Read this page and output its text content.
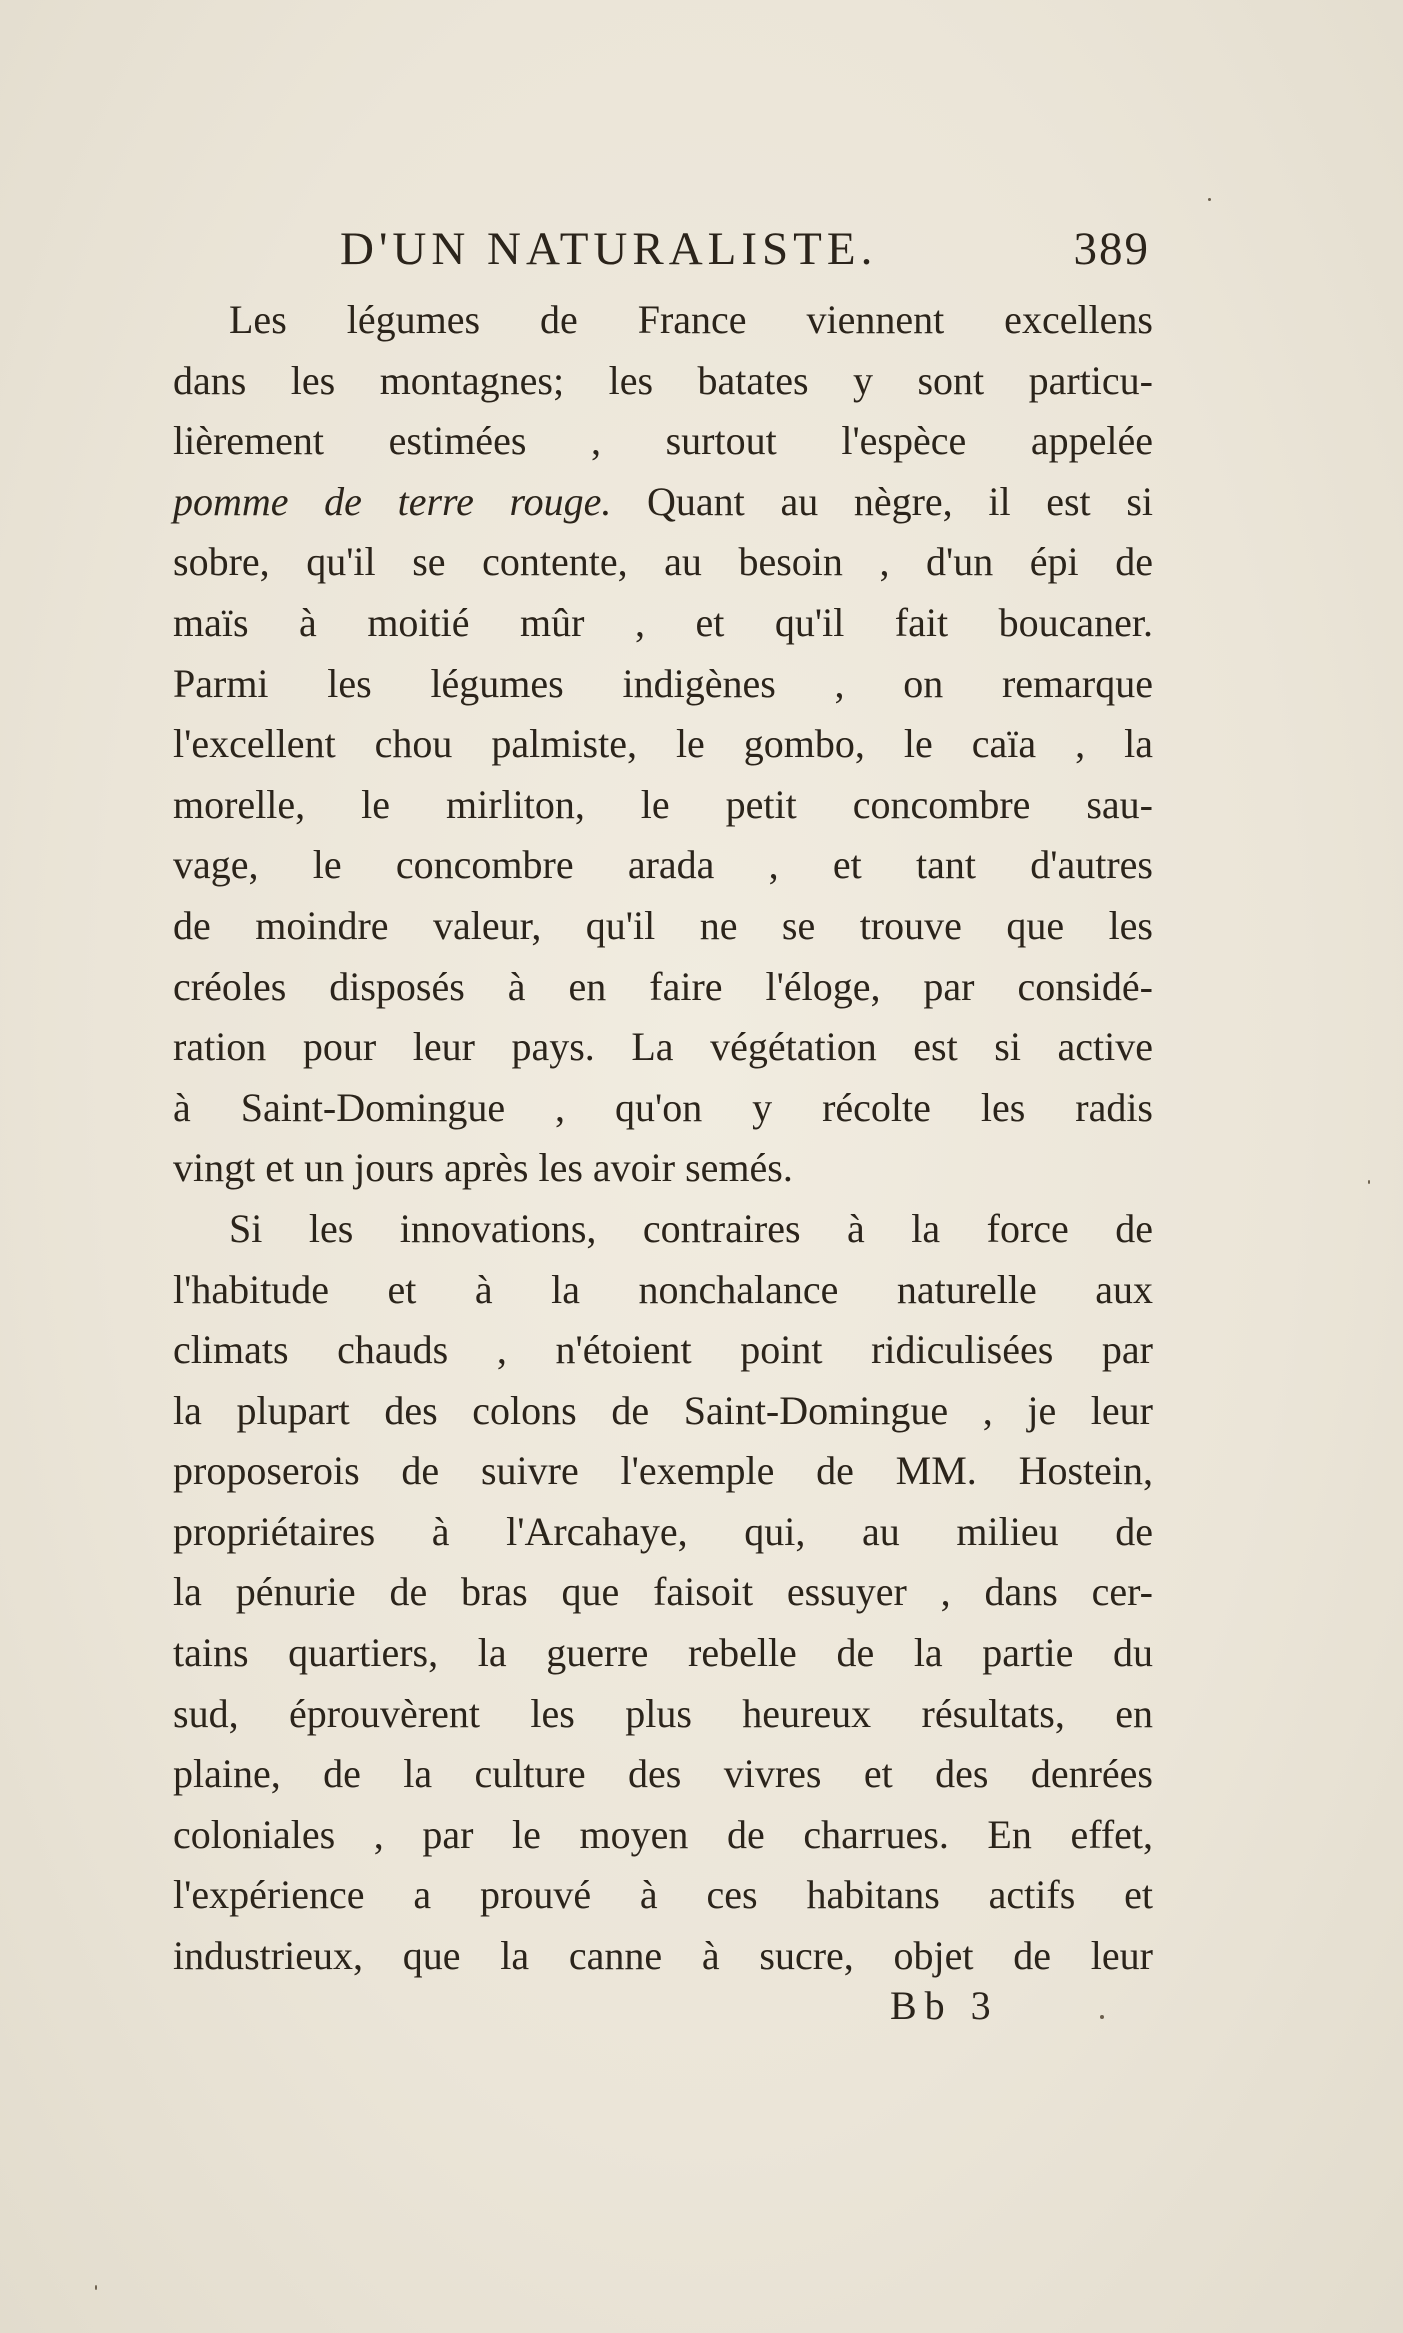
D'UN NATURALISTE.	389
Les légumes de France viennent excellens
dans les montagnes; les batates y sont particu-
lièrement estimées , surtout l'espèce appelée
pomme de terre rouge. Quant au nègre, il est si
sobre, qu'il se contente, au besoin , d'un épi de
maïs à moitié mûr , et qu'il fait boucaner.
Parmi les légumes indigènes , on remarque
l'excellent chou palmiste, le gombo, le caïa , la
morelle, le mirliton, le petit concombre sau-
vage, le concombre arada , et tant d'autres
de moindre valeur, qu'il ne se trouve que les
créoles disposés à en faire l'éloge, par considé-
ration pour leur pays. La végétation est si active
à Saint-Domingue , qu'on y récolte les radis
vingt et un jours après les avoir semés.
Si les innovations, contraires à la force de
l'habitude et à la nonchalance naturelle aux
climats chauds , n'étoient point ridiculisées par
la plupart des colons de Saint-Domingue , je leur
proposerois de suivre l'exemple de MM. Hostein,
propriétaires à l'Arcahaye, qui, au milieu de
la pénurie de bras que faisoit essuyer , dans cer-
tains quartiers, la guerre rebelle de la partie du
sud, éprouvèrent les plus heureux résultats, en
plaine, de la culture des vivres et des denrées
coloniales , par le moyen de charrues. En effet,
l'expérience a prouvé à ces habitans actifs et
industrieux, que la canne à sucre, objet de leur
Bb 3
